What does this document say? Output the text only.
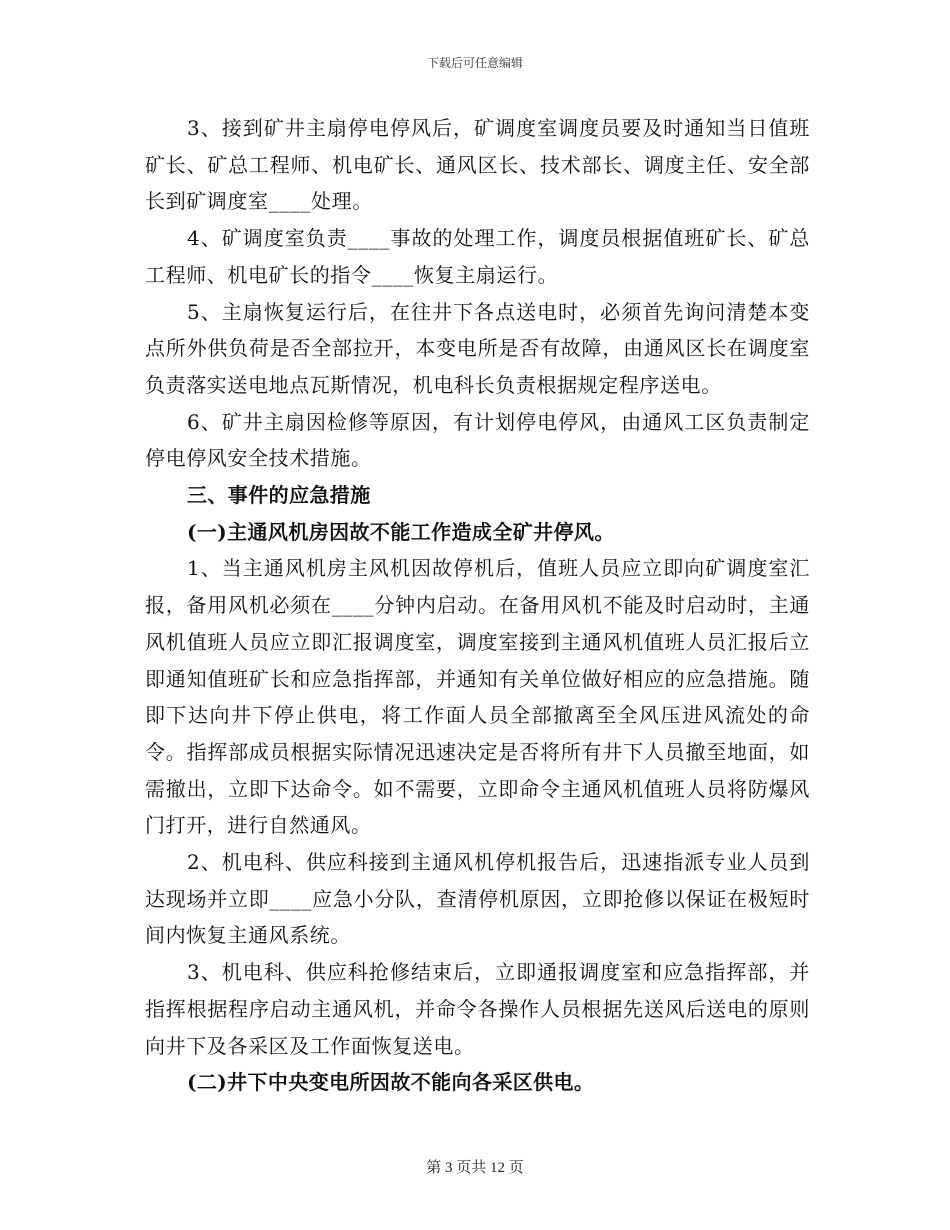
下载后可任意编辑

3、接到矿井主扇停电停风后，矿调度室调度员要及时通知当日值班矿长、矿总工程师、机电矿长、通风区长、技术部长、调度主任、安全部长到矿调度室____处理。

4、矿调度室负责____事故的处理工作，调度员根据值班矿长、矿总工程师、机电矿长的指令____恢复主扇运行。

5、主扇恢复运行后，在往井下各点送电时，必须首先询问清楚本变点所外供负荷是否全部拉开，本变电所是否有故障，由通风区长在调度室负责落实送电地点瓦斯情况，机电科长负责根据规定程序送电。

6、矿井主扇因检修等原因，有计划停电停风，由通风工区负责制定停电停风安全技术措施。

三、事件的应急措施

(一)主通风机房因故不能工作造成全矿井停风。

1、当主通风机房主风机因故停机后，值班人员应立即向矿调度室汇报，备用风机必须在____分钟内启动。在备用风机不能及时启动时，主通风机值班人员应立即汇报调度室，调度室接到主通风机值班人员汇报后立即通知值班矿长和应急指挥部，并通知有关单位做好相应的应急措施。随即下达向井下停止供电，将工作面人员全部撤离至全风压进风流处的命令。指挥部成员根据实际情况迅速决定是否将所有井下人员撤至地面，如需撤出，立即下达命令。如不需要，立即命令主通风机值班人员将防爆风门打开，进行自然通风。

2、机电科、供应科接到主通风机停机报告后，迅速指派专业人员到达现场并立即____应急小分队，查清停机原因，立即抢修以保证在极短时间内恢复主通风系统。

3、机电科、供应科抢修结束后，立即通报调度室和应急指挥部，并指挥根据程序启动主通风机，并命令各操作人员根据先送风后送电的原则向井下及各采区及工作面恢复送电。

(二)井下中央变电所因故不能向各采区供电。

第 3 页共 12 页
